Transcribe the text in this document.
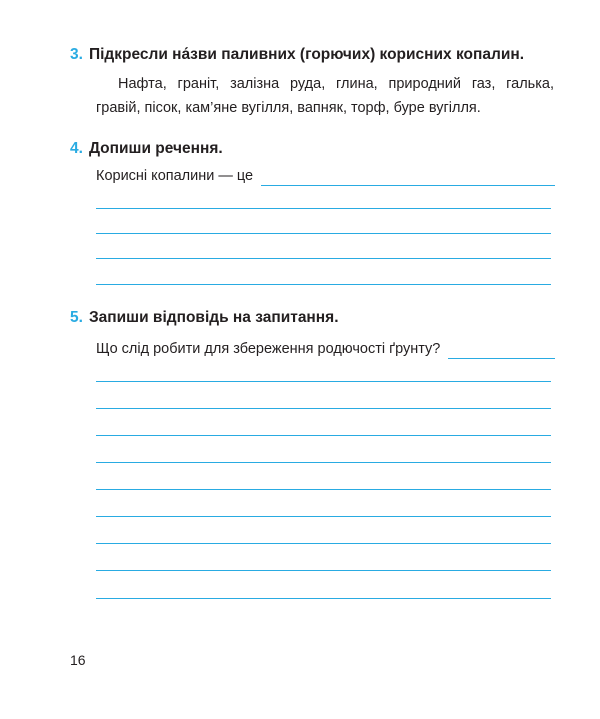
3. Підкресли на́зви паливних (горючих) корисних копалин.
Нафта, граніт, залізна руда, глина, природний газ, галька, гравій, пісок, кам’яне вугілля, вапняк, торф, буре вугілля.
4. Допиши речення.
Корисні копалини — це
5. Запиши відповідь на запитання.
Що слід робити для збереження родючості ґрунту?
16
